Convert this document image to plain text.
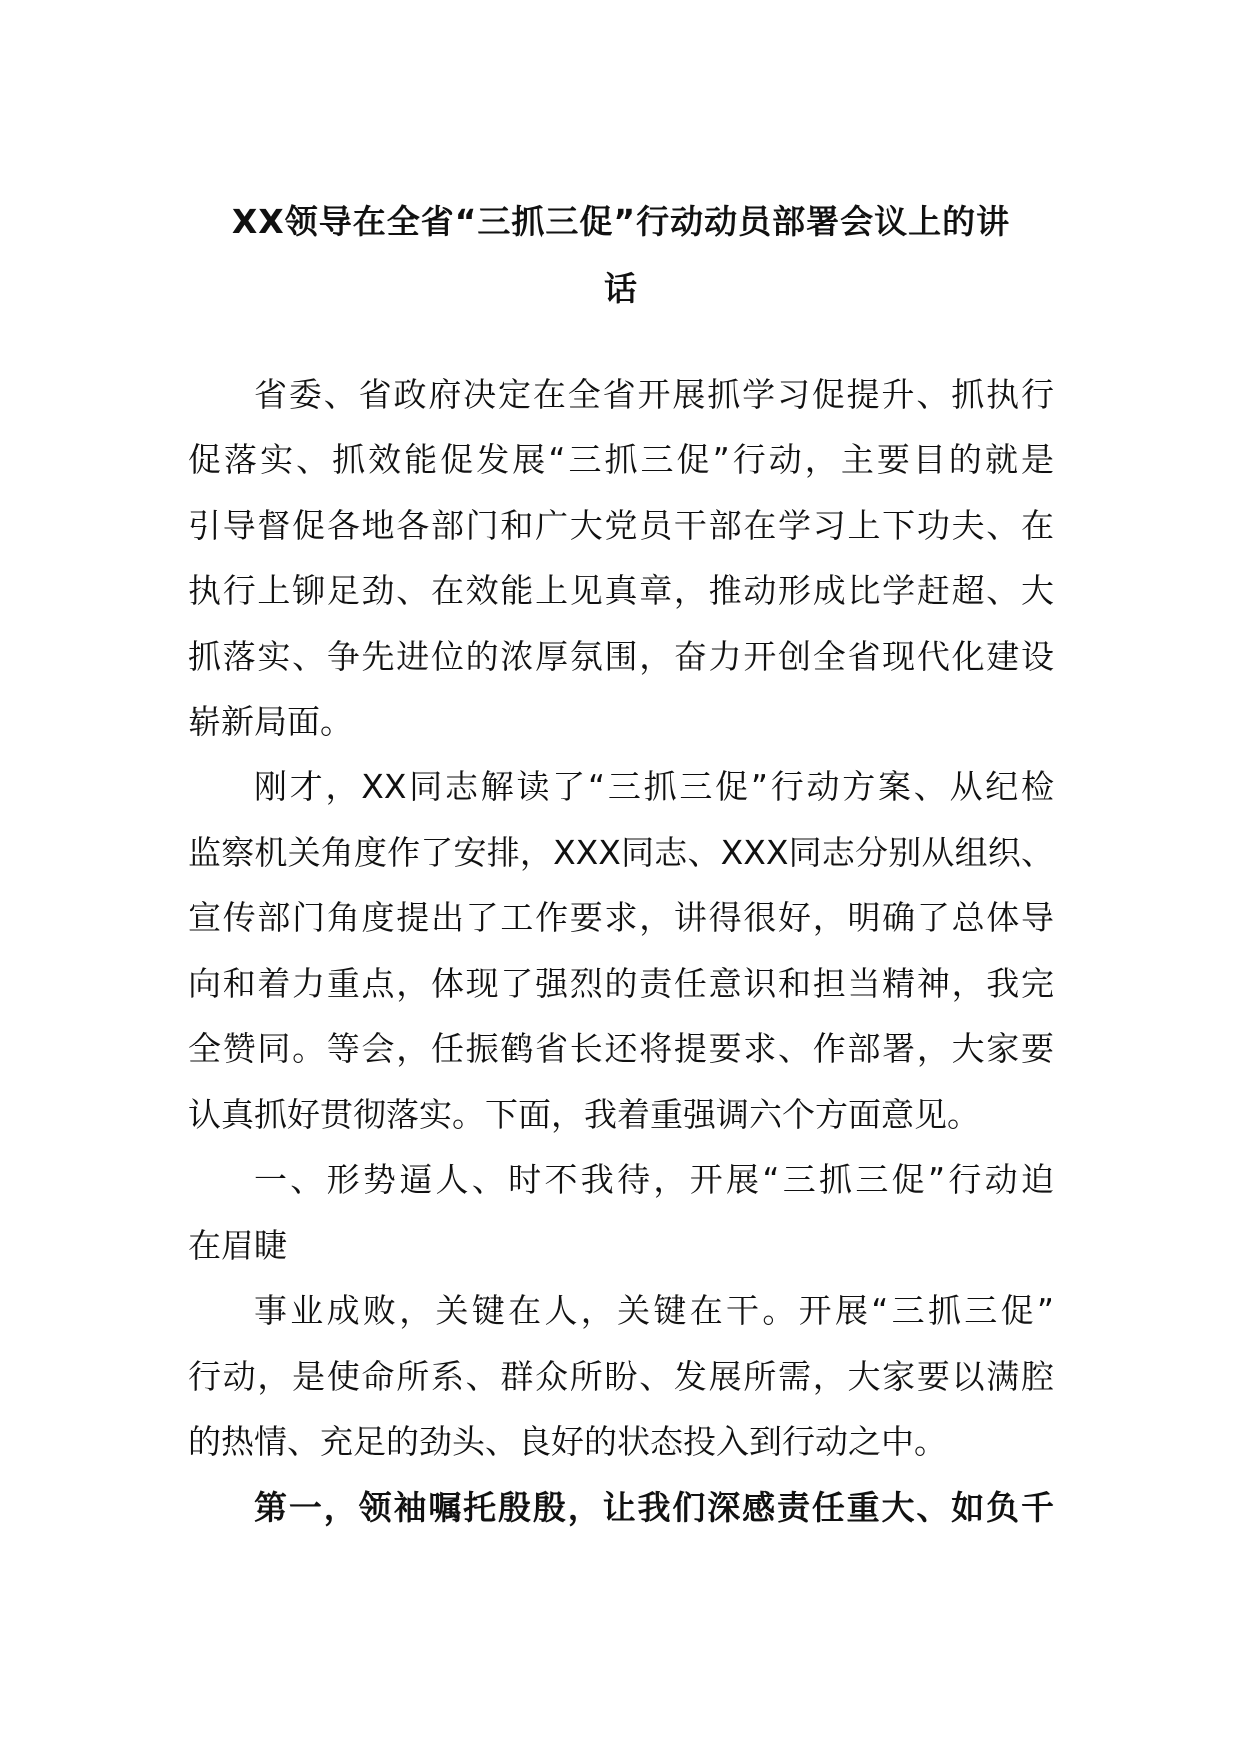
XX领导在全省“三抓三促”行动动员部署会议上的讲
话
省委、省政府决定在全省开展抓学习促提升、抓执行
促落实、抓效能促发展“三抓三促”行动，主要目的就是
引导督促各地各部门和广大党员干部在学习上下功夫、在
执行上铆足劲、在效能上见真章，推动形成比学赶超、大
抓落实、争先进位的浓厚氛围，奋力开创全省现代化建设
崭新局面。
刚才，XX同志解读了“三抓三促”行动方案、从纪检
监察机关角度作了安排，XXX同志、XXX同志分别从组织、
宣传部门角度提出了工作要求，讲得很好，明确了总体导
向和着力重点，体现了强烈的责任意识和担当精神，我完
全赞同。等会，任振鹤省长还将提要求、作部署，大家要
认真抓好贯彻落实。下面，我着重强调六个方面意见。
一、形势逼人、时不我待，开展“三抓三促”行动迫
在眉睫
事业成败，关键在人，关键在干。开展“三抓三促”
行动，是使命所系、群众所盼、发展所需，大家要以满腔
的热情、充足的劲头、良好的状态投入到行动之中。
第一，领袖嘱托殷殷，让我们深感责任重大、如负千
